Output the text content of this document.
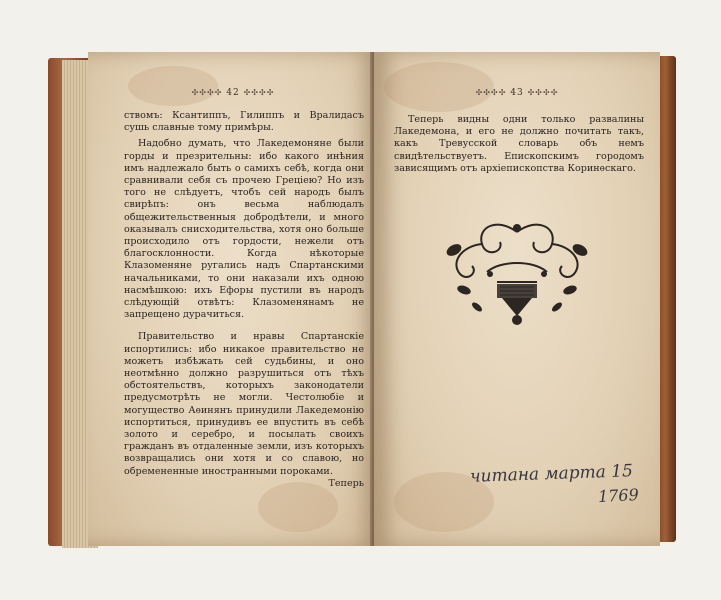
✣✣✣✣ 42 ✣✣✣✣

ствомъ: Ксантиппъ, Гилиппъ и Вралидасъ сушь славные тому примѣры.

Надобно думать, что Лакедемоняне были горды и презрительны: ибо какого инѣния имъ надлежало быть о самихъ себѣ, когда они сравнивали себя съ прочею Грецiею? Но изъ того не слѣдуетъ, чтобъ сей народъ былъ свирѣпъ: онъ весьма наблюдалъ общежительственныя добродѣтели, и много оказывалъ снисходительства, хотя оно больше происходило отъ гордости, нежели отъ благосклонности. Когда нѣкоторые Клазоменяне ругались надъ Спартанскими начальниками, то они наказали ихъ одною насмѣшкою: ихъ Ефоры пустили въ народъ слѣдующiй отвѣтъ: Клазоменянамъ не запрещено дурачиться.

Правительство и нравы Спартанскiе испортились: ибо никакое правительство не можетъ избѣжать сей судьбины, и оно неотмѣнно должно разрушиться отъ тѣхъ обстоятельствъ, которыхъ законодатели предусмотрѣть не могли. Честолюбiе и могущество Аѳинянъ принудили Лакедемонiю испортиться, принудивъ ее впустить въ себѣ золото и серебро, и посылать своихъ гражданъ въ отдаленные земли, изъ которыхъ возвращались они хотя и со славою, но обремененные иностранными пороками.

Теперь

✣✣✣✣ 43 ✣✣✣✣

Теперь видны одни только развалины Лакедемона, и его не должно почитать такъ, какъ Тревусской словарь объ немъ свидѣтельствуетъ. Епископскимъ городомъ зависящимъ отъ архiепископства Коринѳскаго.

читана марта 15
1769
